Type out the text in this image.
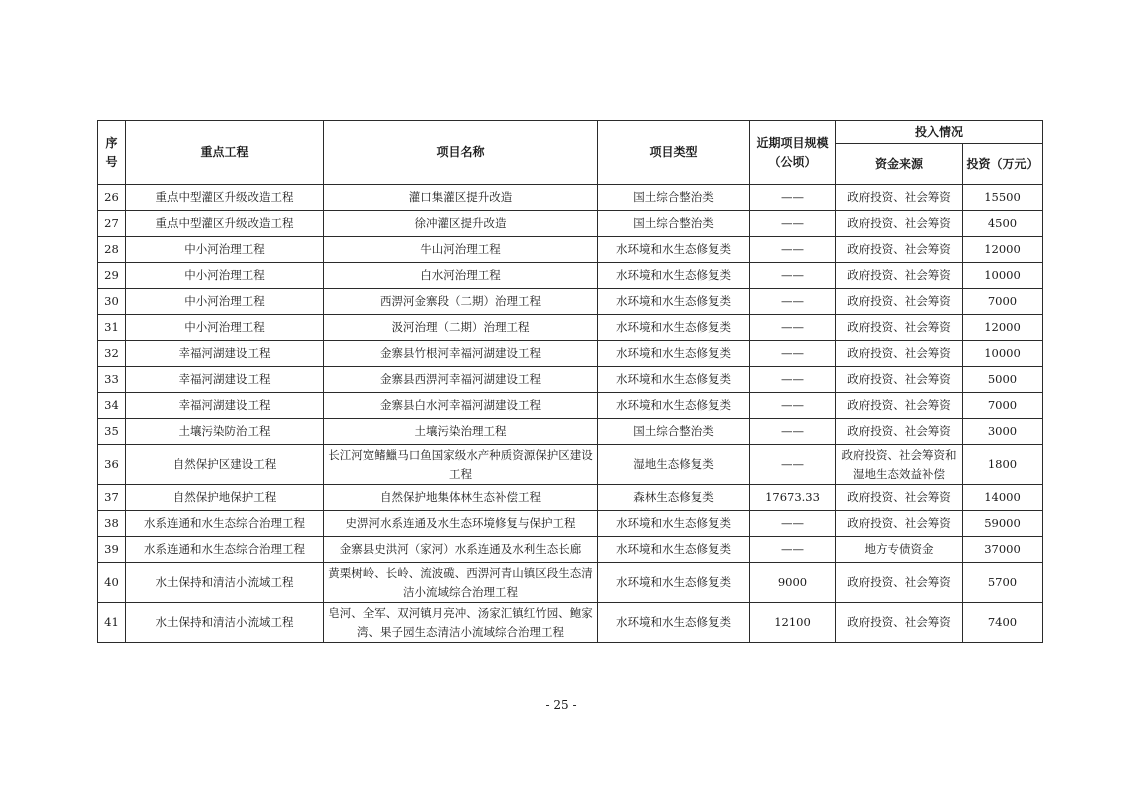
序号	重点工程	项目名称	项目类型	近期项目规模（公顷）	投入情况	
					资金来源	投资（万元）
26	重点中型灌区升级改造工程	灌口集灌区提升改造	国土综合整治类	——	政府投资、社会筹资	15500
27	重点中型灌区升级改造工程	徐冲灌区提升改造	国土综合整治类	——	政府投资、社会筹资	4500
28	中小河治理工程	牛山河治理工程	水环境和水生态修复类	——	政府投资、社会筹资	12000
29	中小河治理工程	白水河治理工程	水环境和水生态修复类	——	政府投资、社会筹资	10000
30	中小河治理工程	西淠河金寨段（二期）治理工程	水环境和水生态修复类	——	政府投资、社会筹资	7000
31	中小河治理工程	汲河治理（二期）治理工程	水环境和水生态修复类	——	政府投资、社会筹资	12000
32	幸福河湖建设工程	金寨县竹根河幸福河湖建设工程	水环境和水生态修复类	——	政府投资、社会筹资	10000
33	幸福河湖建设工程	金寨县西淠河幸福河湖建设工程	水环境和水生态修复类	——	政府投资、社会筹资	5000
34	幸福河湖建设工程	金寨县白水河幸福河湖建设工程	水环境和水生态修复类	——	政府投资、社会筹资	7000
35	土壤污染防治工程	土壤污染治理工程	国土综合整治类	——	政府投资、社会筹资	3000
36	自然保护区建设工程	长江河宽鳍鱲马口鱼国家级水产种质资源保护区建设工程	湿地生态修复类	——	政府投资、社会筹资和湿地生态效益补偿	1800
37	自然保护地保护工程	自然保护地集体林生态补偿工程	森林生态修复类	17673.33	政府投资、社会筹资	14000
38	水系连通和水生态综合治理工程	史淠河水系连通及水生态环境修复与保护工程	水环境和水生态修复类	——	政府投资、社会筹资	59000
39	水系连通和水生态综合治理工程	金寨县史洪河（家河）水系连通及水利生态长廊	水环境和水生态修复类	——	地方专债资金	37000
40	水土保持和清洁小流域工程	黄栗树岭、长岭、流波𬒗、西淠河青山镇区段生态清洁小流域综合治理工程	水环境和水生态修复类	9000	政府投资、社会筹资	5700
41	水土保持和清洁小流域工程	皂河、全军、双河镇月亮冲、汤家汇镇红竹园、鲍家湾、果子园生态清洁小流域综合治理工程	水环境和水生态修复类	12100	政府投资、社会筹资	7400
- 25 -
